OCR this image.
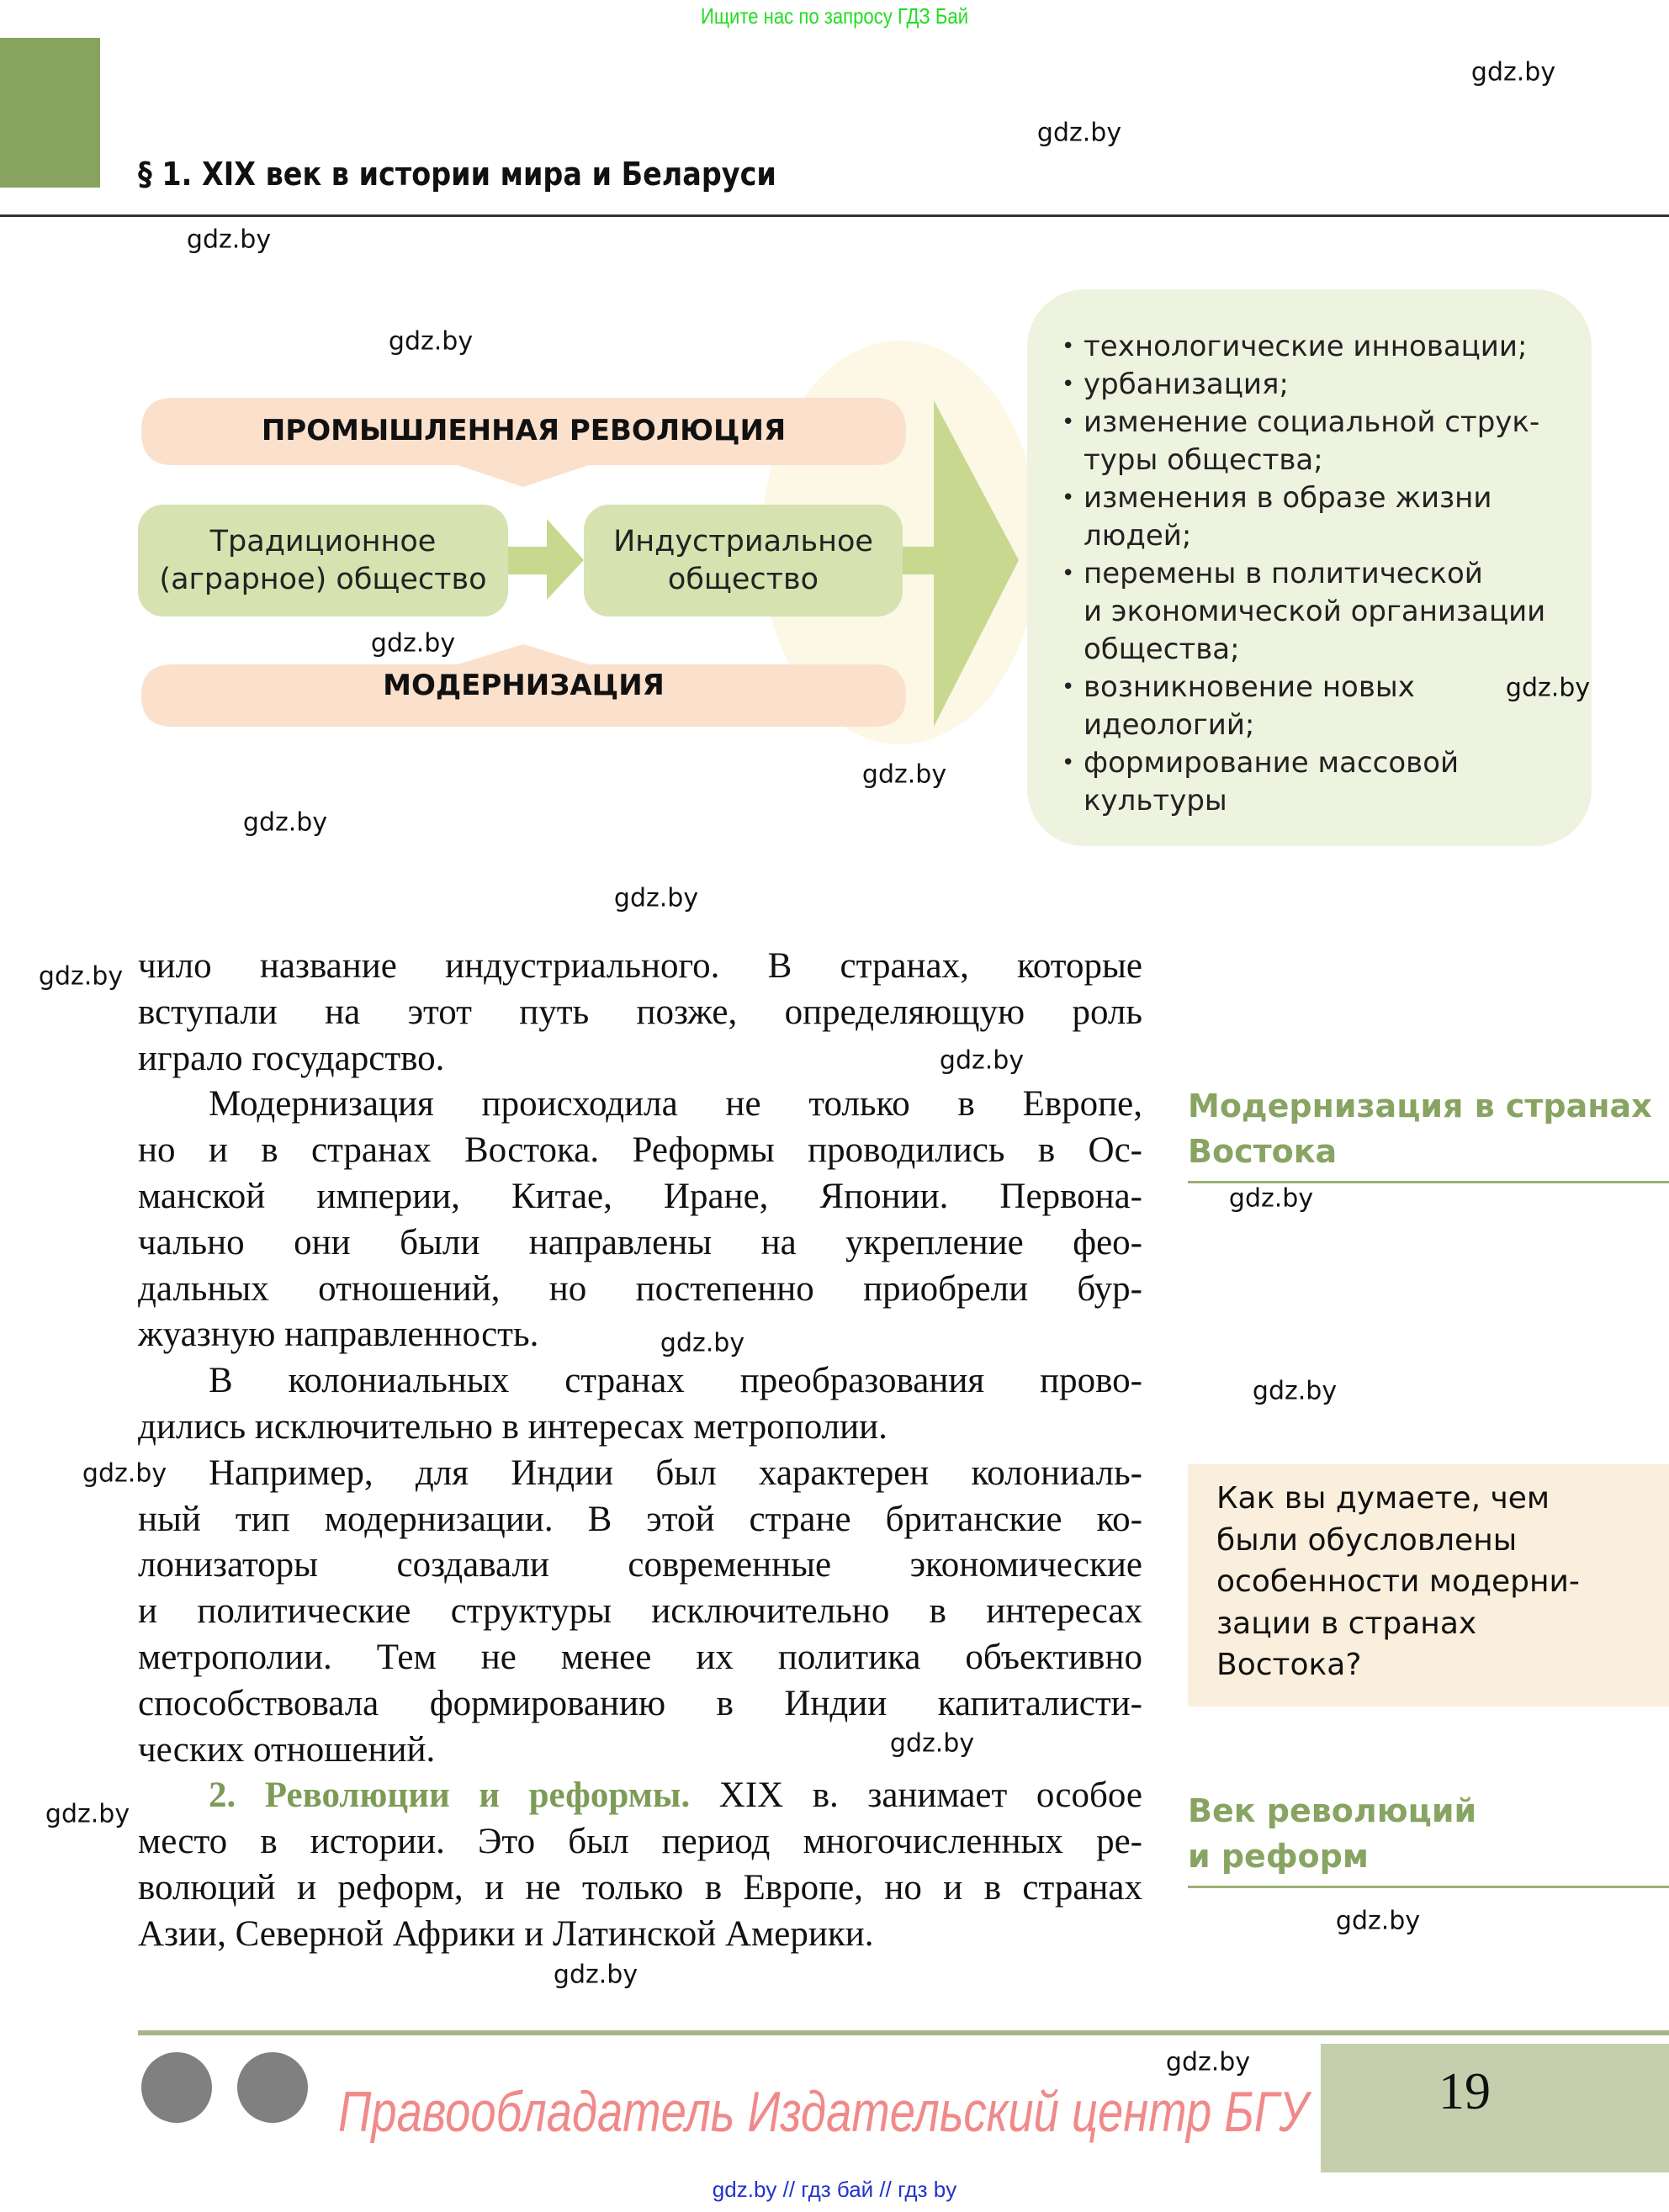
Ищите нас по запросу ГДЗ Бай
§ 1. XIX век в истории мира и Беларуси
ПРОМЫШЛЕННАЯ РЕВОЛЮЦИЯ
МОДЕРНИЗАЦИЯ
Традиционное
(аграрное) общество
Индустриальное
общество
• технологические инновации;
• урбанизация;
• изменение социальной струк-
туры общества;
• изменения в образе жизни
людей;
• перемены в политической
и экономической организации
общества;
• возникновение новых
идеологий;
• формирование массовой
культуры
чило название индустриального. В странах, которые
вступали на этот путь позже, определяющую роль
играло государство.
Модернизация происходила не только в Европе,
но и в странах Востока. Реформы проводились в Ос-
манской империи, Китае, Иране, Японии. Первона-
чально они были направлены на укрепление фео-
дальных отношений, но постепенно приобрели бур-
жуазную направленность.
В колониальных странах преобразования прово-
дились исключительно в интересах метрополии.
Например, для Индии был характерен колониаль-
ный тип модернизации. В этой стране британские ко-
лонизаторы создавали современные экономические
и политические структуры исключительно в интересах
метрополии. Тем не менее их политика объективно
способствовала формированию в Индии капиталисти-
ческих отношений.
2. Революции и реформы. XIX в. занимает особое
место в истории. Это был период многочисленных ре-
волюций и реформ, и не только в Европе, но и в странах
Азии, Северной Африки и Латинской Америки.
Модернизация в странах
Востока
Как вы думаете, чем
были обусловлены
особенности модерни-
зации в странах
Востока?
Век революций
и реформ
gdz.by
gdz.by
gdz.by
gdz.by
gdz.by
gdz.by
gdz.by
gdz.by
gdz.by
gdz.by
gdz.by
gdz.by
gdz.by
gdz.by
gdz.by
gdz.by
gdz.by
gdz.by
gdz.by
gdz.by
Правообладатель Издательский центр БГУ 19
gdz.by // гдз бай // гдз by
